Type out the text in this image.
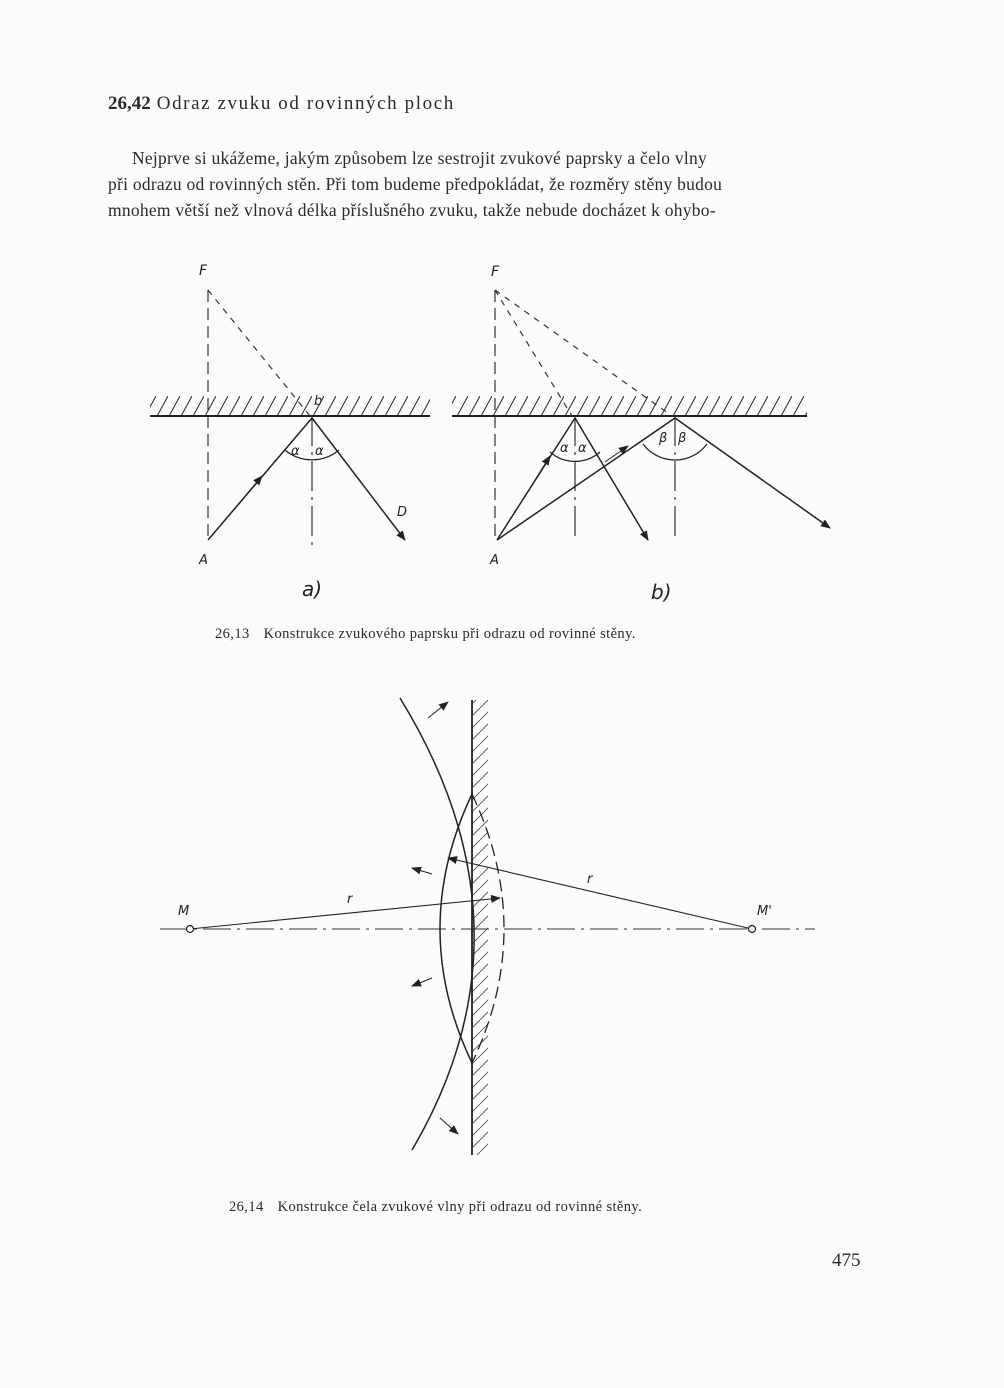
26,42 Odraz zvuku od rovinných ploch
Nejprve si ukážeme, jakým způsobem lze sestrojit zvukové paprsky a čelo vlny
při odrazu od rovinných stěn. Při tom budeme předpokládat, že rozměry stěny budou
mnohem větší než vlnová délka příslušného zvuku, takže nebude docházet k ohybo-
F
b
α α
D
A
a)
F
α α
β β
A
b)
M	M'
r
r
26,13 Konstrukce zvukového paprsku při odrazu od rovinné stěny.
26,14 Konstrukce čela zvukové vlny při odrazu od rovinné stěny.
475
